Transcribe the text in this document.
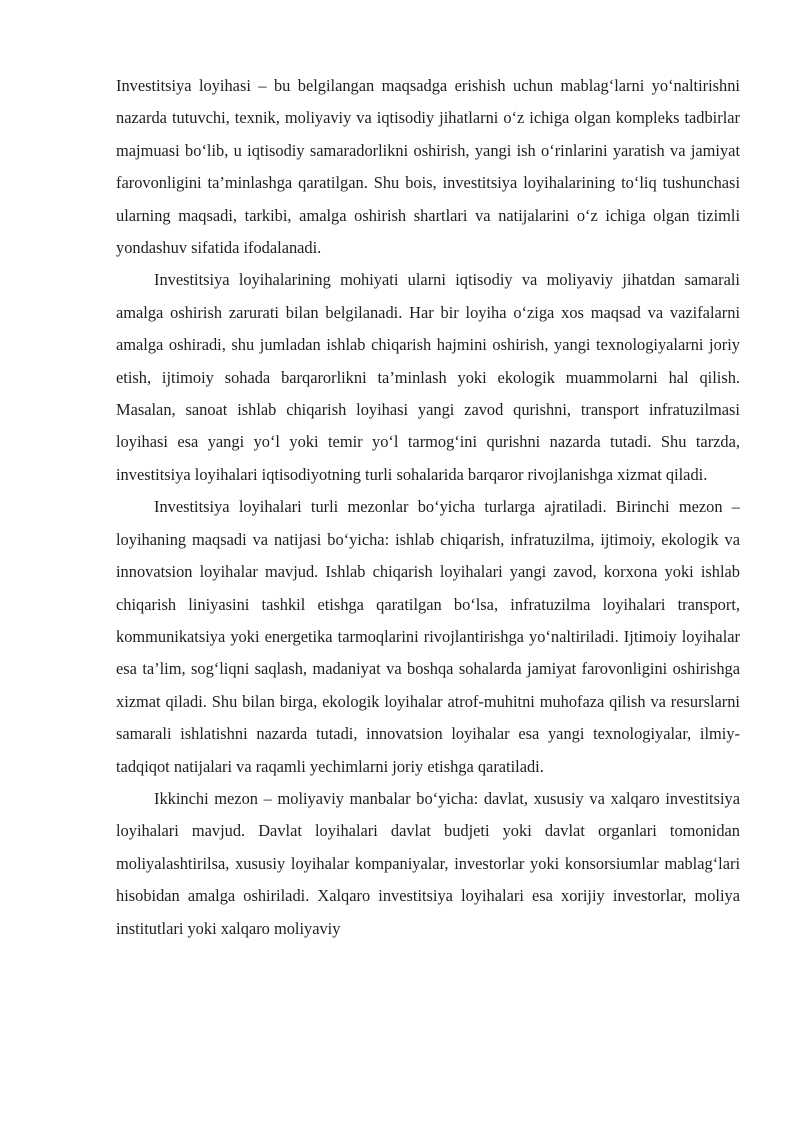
Investitsiya loyihasi – bu belgilangan maqsadga erishish uchun mablag‘larni yo‘naltirishni nazarda tutuvchi, texnik, moliyaviy va iqtisodiy jihatlarni o‘z ichiga olgan kompleks tadbirlar majmuasi bo‘lib, u iqtisodiy samaradorlikni oshirish, yangi ish o‘rinlarini yaratish va jamiyat farovonligini ta’minlashga qaratilgan. Shu bois, investitsiya loyihalarining to‘liq tushunchasi ularning maqsadi, tarkibi, amalga oshirish shartlari va natijalarini o‘z ichiga olgan tizimli yondashuv sifatida ifodalanadi.

Investitsiya loyihalarining mohiyati ularni iqtisodiy va moliyaviy jihatdan samarali amalga oshirish zarurati bilan belgilanadi. Har bir loyiha o‘ziga xos maqsad va vazifalarni amalga oshiradi, shu jumladan ishlab chiqarish hajmini oshirish, yangi texnologiyalarni joriy etish, ijtimoiy sohada barqarorlikni ta’minlash yoki ekologik muammolarni hal qilish. Masalan, sanoat ishlab chiqarish loyihasi yangi zavod qurishni, transport infratuzilmasi loyihasi esa yangi yo‘l yoki temir yo‘l tarmog‘ini qurishni nazarda tutadi. Shu tarzda, investitsiya loyihalari iqtisodiyotning turli sohalarida barqaror rivojlanishga xizmat qiladi.

Investitsiya loyihalari turli mezonlar bo‘yicha turlarga ajratiladi. Birinchi mezon – loyihaning maqsadi va natijasi bo‘yicha: ishlab chiqarish, infratuzilma, ijtimoiy, ekologik va innovatsion loyihalar mavjud. Ishlab chiqarish loyihalari yangi zavod, korxona yoki ishlab chiqarish liniyasini tashkil etishga qaratilgan bo‘lsa, infratuzilma loyihalari transport, kommunikatsiya yoki energetika tarmoqlarini rivojlantirishga yo‘naltiriladi. Ijtimoiy loyihalar esa ta’lim, sog‘liqni saqlash, madaniyat va boshqa sohalarda jamiyat farovonligini oshirishga xizmat qiladi. Shu bilan birga, ekologik loyihalar atrof-muhitni muhofaza qilish va resurslarni samarali ishlatishni nazarda tutadi, innovatsion loyihalar esa yangi texnologiyalar, ilmiy-tadqiqot natijalari va raqamli yechimlarni joriy etishga qaratiladi.

Ikkinchi mezon – moliyaviy manbalar bo‘yicha: davlat, xususiy va xalqaro investitsiya loyihalari mavjud. Davlat loyihalari davlat budjeti yoki davlat organlari tomonidan moliyalashtirilsa, xususiy loyihalar kompaniyalar, investorlar yoki konsorsiumlar mablag‘lari hisobidan amalga oshiriladi. Xalqaro investitsiya loyihalari esa xorijiy investorlar, moliya institutlari yoki xalqaro moliyaviy
